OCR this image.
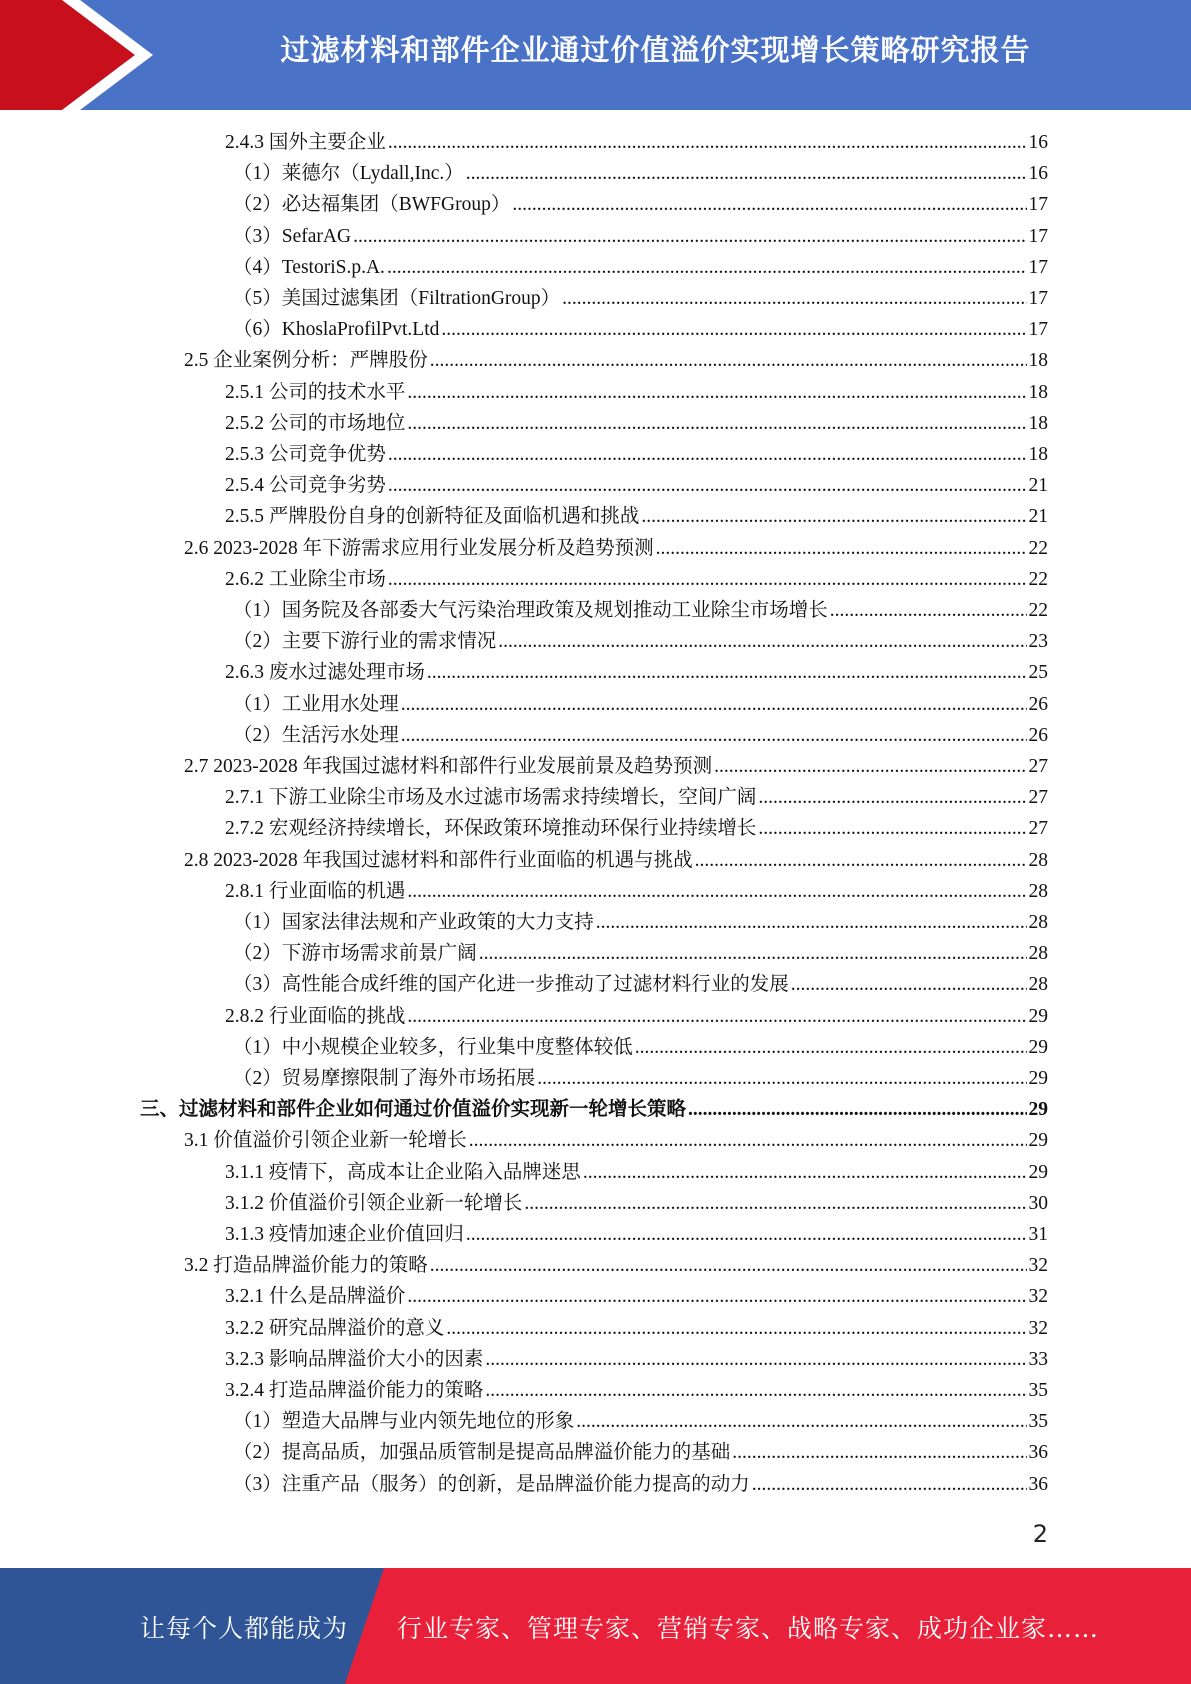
过滤材料和部件企业通过价值溢价实现增长策略研究报告
2.4.3 国外主要企业 .....	16
（1）莱德尔（Lydall,Inc.） .....	16
（2）必达福集团（BWFGroup） .....	17
（3）SefarAG .....	17
（4）TestoriS.p.A. .....	17
（5）美国过滤集团（FiltrationGroup） .....	17
（6）KhoslaProfilPvt.Ltd .....	17
2.5 企业案例分析：严牌股份 .....	18
2.5.1 公司的技术水平 .....	18
2.5.2 公司的市场地位 .....	18
2.5.3 公司竞争优势 .....	18
2.5.4 公司竞争劣势 .....	21
2.5.5 严牌股份自身的创新特征及面临机遇和挑战 .....	21
2.6 2023-2028 年下游需求应用行业发展分析及趋势预测 .....	22
2.6.2 工业除尘市场 .....	22
（1）国务院及各部委大气污染治理政策及规划推动工业除尘市场增长 .....	22
（2）主要下游行业的需求情况 .....	23
2.6.3 废水过滤处理市场 .....	25
（1）工业用水处理 .....	26
（2）生活污水处理 .....	26
2.7 2023-2028 年我国过滤材料和部件行业发展前景及趋势预测 .....	27
2.7.1 下游工业除尘市场及水过滤市场需求持续增长，空间广阔 .....	27
2.7.2 宏观经济持续增长，环保政策环境推动环保行业持续增长 .....	27
2.8 2023-2028 年我国过滤材料和部件行业面临的机遇与挑战 .....	28
2.8.1 行业面临的机遇 .....	28
（1）国家法律法规和产业政策的大力支持 .....	28
（2）下游市场需求前景广阔 .....	28
（3）高性能合成纤维的国产化进一步推动了过滤材料行业的发展 .....	28
2.8.2 行业面临的挑战 .....	29
（1）中小规模企业较多，行业集中度整体较低 .....	29
（2）贸易摩擦限制了海外市场拓展 .....	29
三、过滤材料和部件企业如何通过价值溢价实现新一轮增长策略 .....	29
3.1 价值溢价引领企业新一轮增长 .....	29
3.1.1 疫情下，高成本让企业陷入品牌迷思 .....	29
3.1.2 价值溢价引领企业新一轮增长 .....	30
3.1.3 疫情加速企业价值回归 .....	31
3.2 打造品牌溢价能力的策略 .....	32
3.2.1 什么是品牌溢价 .....	32
3.2.2 研究品牌溢价的意义 .....	32
3.2.3 影响品牌溢价大小的因素 .....	33
3.2.4 打造品牌溢价能力的策略 .....	35
（1）塑造大品牌与业内领先地位的形象 .....	35
（2）提高品质，加强品质管制是提高品牌溢价能力的基础 .....	36
（3）注重产品（服务）的创新，是品牌溢价能力提高的动力 .....	36
2
让每个人都能成为 行业专家、管理专家、营销专家、战略专家、成功企业家……
